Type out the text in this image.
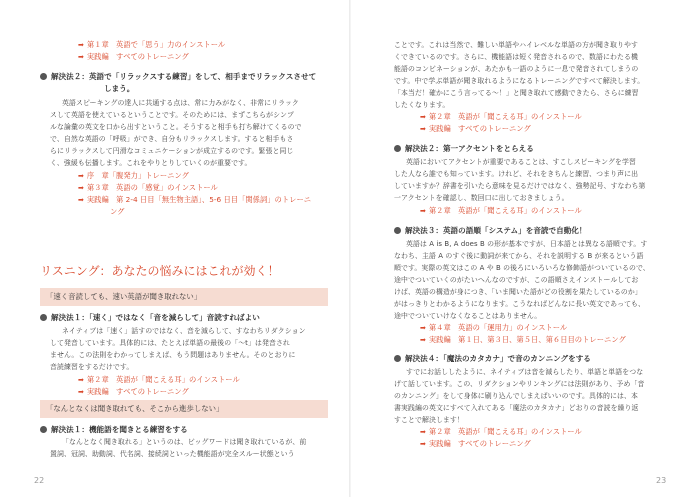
➡ 第１章　英語で「思う」力のインストール
➡ 実践編　すべてのトレーニング
解決法２：英語で「リラックスする練習」をして、相手までリラックスさせて
しまう。
英語スピーキングの達人に共通する点は、常に力みがなく、非常にリラック
スして英語を使えているということです。そのためには、まずこちらがシンプ
ルな論彙の英文を口から出すということ。そうすると相手も打ち解けてくるので
で、自然な英語の「呼吸」ができ、自分もリラックスします。すると相手もさ
らにリラックスして円滑なコミュニケーションが成立するのです。緊張と同じ
く、強緩も伝播します。これをやりとりしていくのが重要です。
➡ 序　章「腹発力」トレーニング
➡ 第３章　英語の「感覚」のインストール
➡ 実践編　第 2-4 日目「無生物主語」、5-6 日目「関係詞」のトレーニ
ング
リスニング：あなたの悩みにはこれが効く！
「速く音読しても、速い英語が聞き取れない」
解決法１：「速く」ではなく「音を減らして」音読すればよい
ネイティブは「速く」話すのではなく、音を減らして、すなわちリダクション
して発音しています。具体的には、たとえば単語の最後の「～t」は発音され
ません。この法則をわかってしまえば、もう問題はありません。そのとおりに
音読練習をするだけです。
➡ 第２章　英語が「聞こえる耳」のインストール
➡ 実践編　すべてのトレーニング
「なんとなくは聞き取れても、そこから進歩しない」
解決法１：機能語を聞きとる練習をする
「なんとなく聞き取れる」というのは、ビッグワードは聞き取れているが、前
置詞、冠詞、助動詞、代名詞、接続詞といった機能語が完全スルー状態という
22
ことです。これは当然で、難しい単語やハイレベルな単語の方が聞き取りやす
くできているのです。さらに、機能語は短く発音されるので、数語にわたる機
能語のコンビネーションが、あたかも一語のように一息で発音されてしまうの
です。中で学ぶ単語が聞き取れるようになるトレーニングですべて解決します。
「本当だ！確かにこう言ってる～！」と聞き取れて感動できたら、さらに練習
したくなります。
➡ 第２章　英語が「聞こえる耳」のインストール
➡ 実践編　すべてのトレーニング
解決法２：第一アクセントをとらえる
英語においてアクセントが重要であることは、すこしスピーキングを学習
した人なら誰でも知っています。けれど、それをきちんと練習、つまり声に出
していますか？辞書を引いたら意味を見るだけではなく、強勢記号、すなわち第
一アクセントを確認し、数回口に出しておきましょう。
➡ 第２章　英語が「聞こえる耳」のインストール
解決法３：英語の語順「システム」を音読で自動化！
英語は A is B, A does B の形が基本ですが、日本語とは異なる語順です。す
なわち、主語 A のすぐ後に動詞が来てから、それを説明する B が来るという語
順です。実際の英文はこの A や B の後ろにいろいろな修飾語がついているので、
途中でついていくのがたいへんなのですが、この語順さえインストールしてお
けば、英語の構造が身につき、「いま聞いた語がどの役割を果たしているのか」
がはっきりとわかるようになります。こうなればどんなに長い英文であっても、
途中でついていけなくなることはありません。
➡ 第４章　英語の「運用力」のインストール
➡ 実践編　第１日、第３日、第５日、第６日目のトレーニング
解決法４：「魔法のカタカナ」で音のカンニングをする
すでにお話ししたように、ネイティブは音を減らしたり、単語と単語をつな
げて話しています。この、リダクションやリンキングには法則があり、予め「音
のカンニング」をして身体に刷り込んでしまえばいいのです。具体的には、本
書実践編の英文にすべて入れてある「魔法のカタカナ」どおりの音読を繰り返
すことで解決します！
➡ 第２章　英語が「聞こえる耳」のインストール
➡ 実践編　すべてのトレーニング
23
